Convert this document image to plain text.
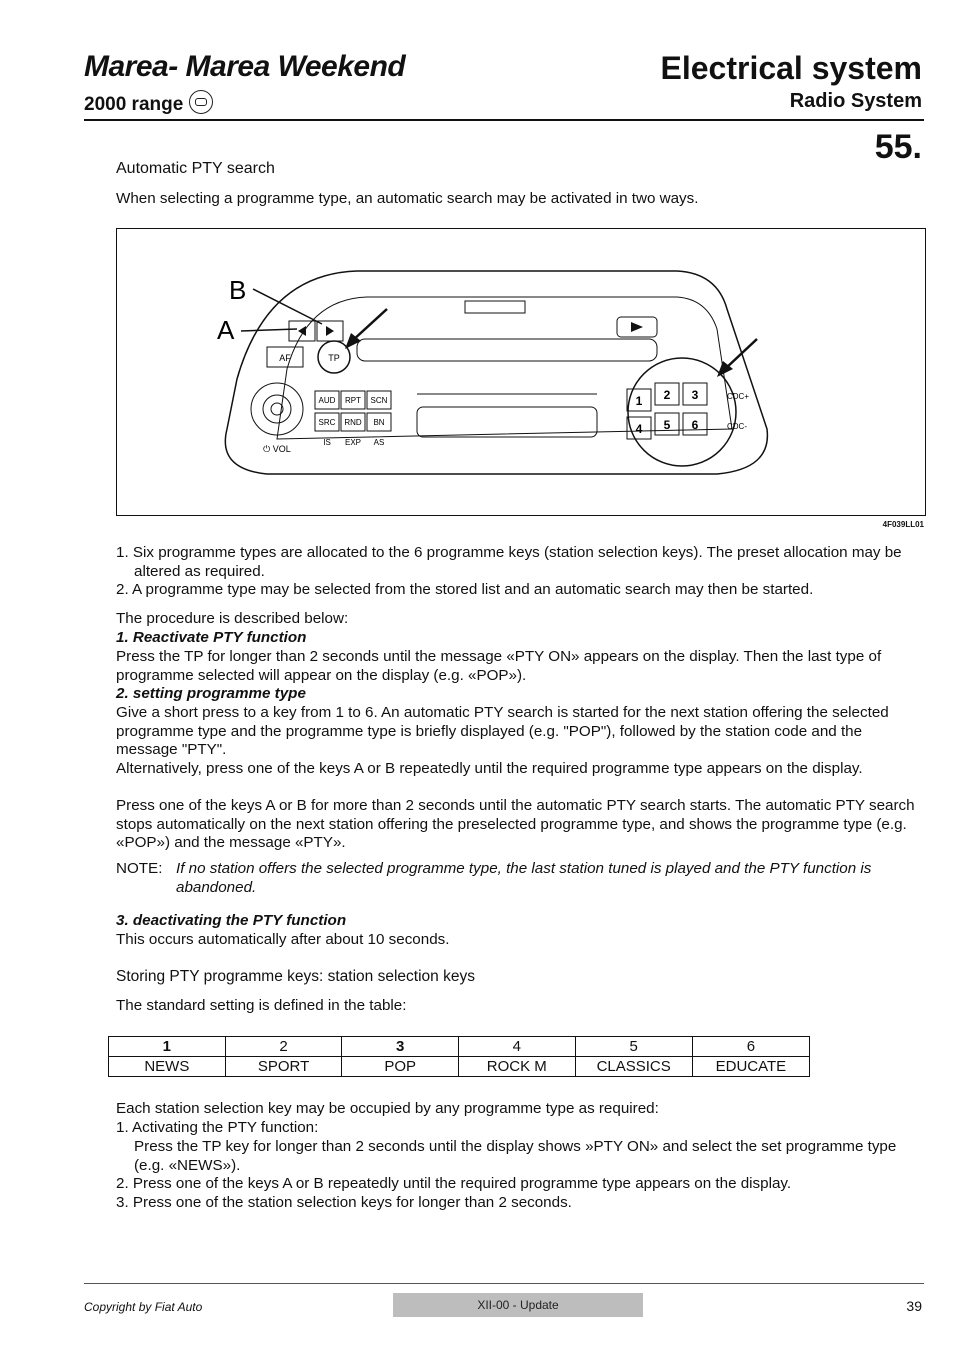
Marea- Marea Weekend
2000 range
Electrical system
Radio System
55.
Automatic PTY search
When selecting a programme type, an automatic search may be activated in two ways.
AF	TP
⏻ VOL
AUD RPT SCN
SRC RND BN
IS EXP AS
1 2 3
4 5 6
CDC+
CDC-
B
A
4F039LL01
1. Six programme types are allocated to the 6 programme keys (station selection keys). The preset allocation may be altered as required.
2. A programme type may be selected from the stored list and an automatic search may then be started.
The procedure is described below:
1. Reactivate PTY function
Press the TP for longer than 2 seconds until the message «PTY ON» appears on the display. Then the last type of programme selected will appear on the display (e.g. «POP»).
2. setting programme type
Give a short press to a key from 1 to 6. An automatic PTY search is started for the next station offering the selected programme type and the programme type is briefly displayed (e.g. "POP"), followed by the station code and the message "PTY".
Alternatively, press one of the keys A or B repeatedly until the required programme type appears on the display.
Press one of the keys A or B for more than 2 seconds until the automatic PTY search starts. The automatic PTY search stops automatically on the next station offering the preselected programme type, and shows the programme type (e.g. «POP») and the message «PTY».
NOTE: If no station offers the selected programme type, the last station tuned is played and the PTY function is abandoned.
3. deactivating the PTY function
This occurs automatically after about 10 seconds.
Storing PTY programme keys: station selection keys
The standard setting is defined in the table:
1	2	3	4	5	6
NEWS	SPORT	POP	ROCK M	CLASSICS	EDUCATE
Each station selection key may be occupied by any programme type as required:
1. Activating the PTY function:
Press the TP key for longer than 2 seconds until the display shows »PTY ON» and select the set programme type (e.g. «NEWS»).
2. Press one of the keys A or B repeatedly until the required programme type appears on the display.
3. Press one of the station selection keys for longer than 2 seconds.
Copyright by Fiat Auto	XII-00 - Update	39
